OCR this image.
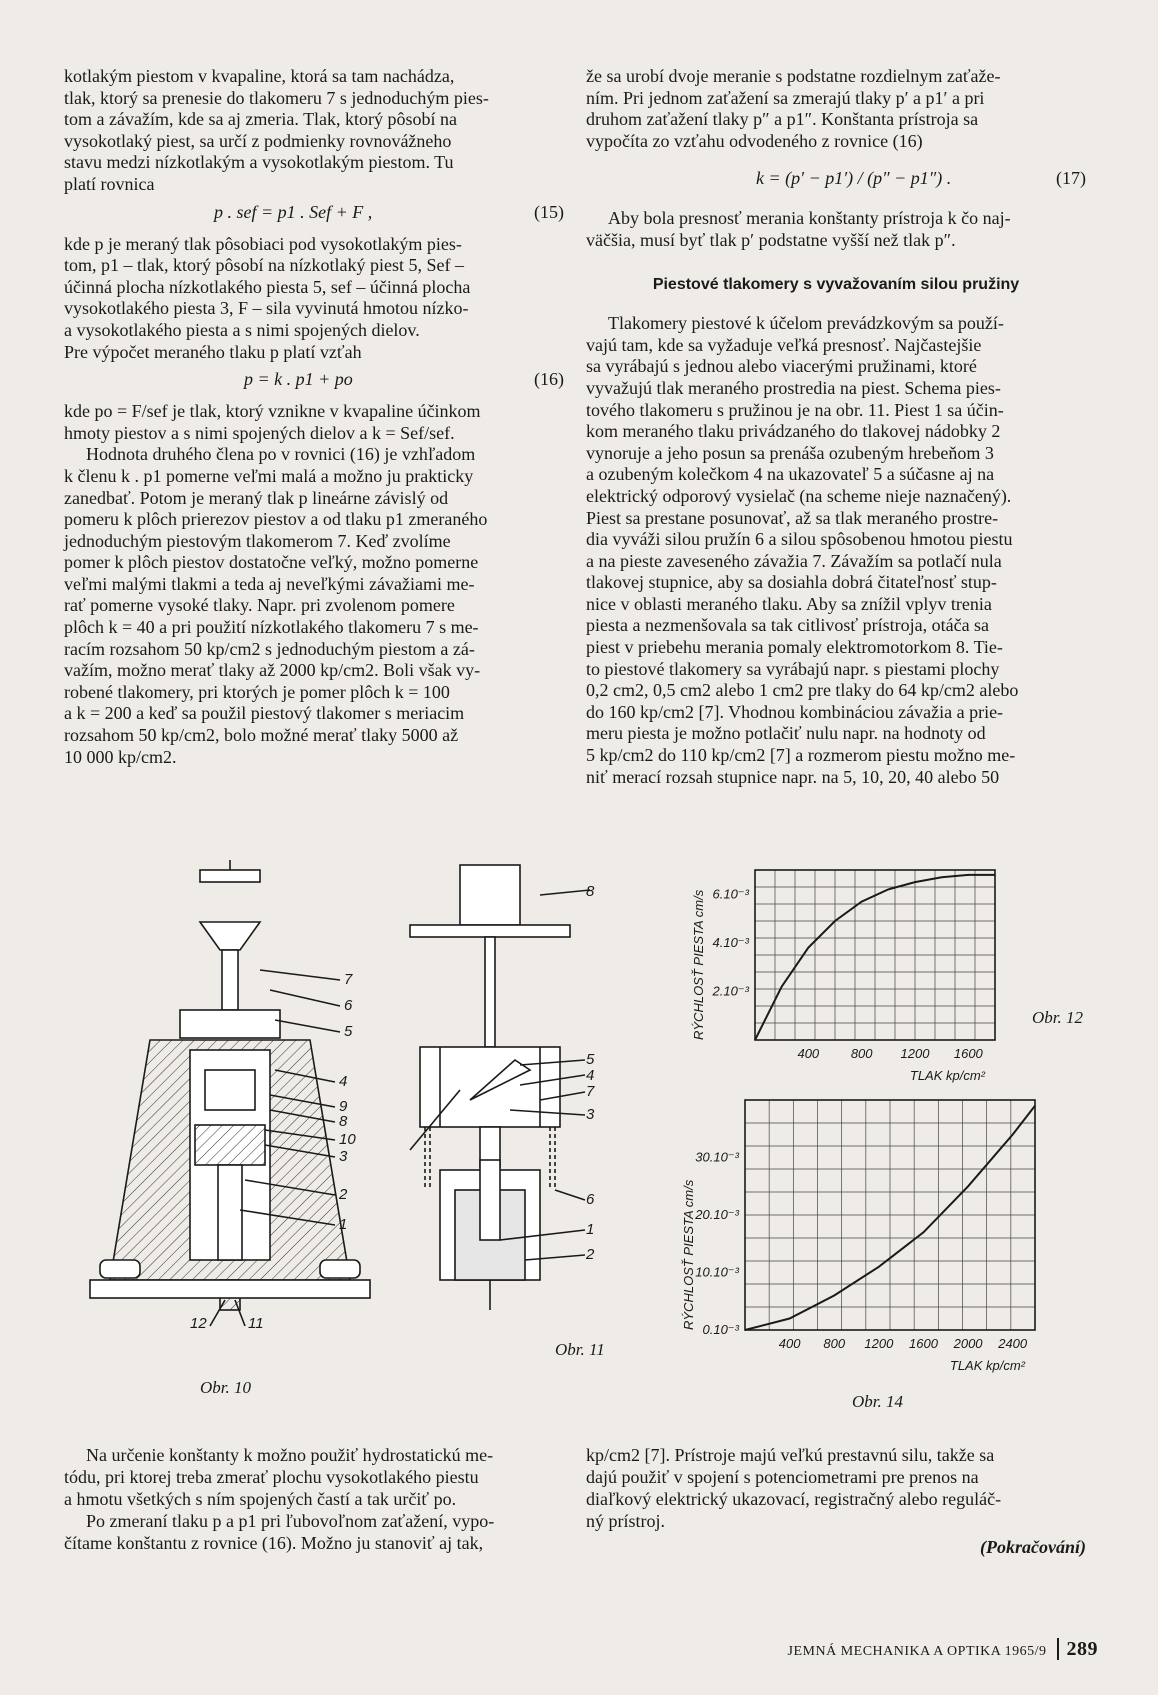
kotlakým piestom v kvapaline, ktorá sa tam nachádza,
tlak, ktorý sa prenesie do tlakomeru 7 s jednoduchým pies-
tom a závažím, kde sa aj zmeria. Tlak, ktorý pôsobí na
vysokotlaký piest, sa určí z podmienky rovnovážneho
stavu medzi nízkotlakým a vysokotlakým piestom. Tu
platí rovnica

p . sef = p1 . Sef + F ,	(15)

kde p je meraný tlak pôsobiaci pod vysokotlakým pies-
tom, p1 – tlak, ktorý pôsobí na nízkotlaký piest 5, Sef –
účinná plocha nízkotlakého piesta 5, sef – účinná plocha
vysokotlakého piesta 3, F – sila vyvinutá hmotou nízko-
a vysokotlakého piesta a s nimi spojených dielov.
Pre výpočet meraného tlaku p platí vzťah

p = k . p1 + po	(16)

kde po = F/sef je tlak, ktorý vznikne v kvapaline účinkom
hmoty piestov a s nimi spojených dielov a k = Sef/sef.
Hodnota druhého člena po v rovnici (16) je vzhľadom
k členu k . p1 pomerne veľmi malá a možno ju prakticky
zanedbať. Potom je meraný tlak p lineárne závislý od
pomeru k plôch prierezov piestov a od tlaku p1 zmeraného
jednoduchým piestovým tlakomerom 7. Keď zvolíme
pomer k plôch piestov dostatočne veľký, možno pomerne
veľmi malými tlakmi a teda aj neveľkými závažiami me-
rať pomerne vysoké tlaky. Napr. pri zvolenom pomere
plôch k = 40 a pri použití nízkotlakého tlakomeru 7 s me-
racím rozsahom 50 kp/cm2 s jednoduchým piestom a zá-
važím, možno merať tlaky až 2000 kp/cm2. Boli však vy-
robené tlakomery, pri ktorých je pomer plôch k = 100
a k = 200 a keď sa použil piestový tlakomer s meriacim
rozsahom 50 kp/cm2, bolo možné merať tlaky 5000 až
10 000 kp/cm2.

že sa urobí dvoje meranie s podstatne rozdielnym zaťaže-
ním. Pri jednom zaťažení sa zmerajú tlaky p′ a p1′ a pri
druhom zaťažení tlaky p″ a p1″. Konštanta prístroja sa
vypočíta zo vzťahu odvodeného z rovnice (16)

k = (p′ − p1′) / (p″ − p1″) .	(17)

Aby bola presnosť merania konštanty prístroja k čo naj-
väčšia, musí byť tlak p′ podstatne vyšší než tlak p″.

Piestové tlakomery s vyvažovaním silou pružiny

Tlakomery piestové k účelom prevádzkovým sa použí-
vajú tam, kde sa vyžaduje veľká presnosť. Najčastejšie
sa vyrábajú s jednou alebo viacerými pružinami, ktoré
vyvažujú tlak meraného prostredia na piest. Schema pies-
tového tlakomeru s pružinou je na obr. 11. Piest 1 sa účin-
kom meraného tlaku privádzaného do tlakovej nádobky 2
vynoruje a jeho posun sa prenáša ozubeným hrebeňom 3
a ozubeným kolečkom 4 na ukazovateľ 5 a súčasne aj na
elektrický odporový vysielač (na scheme nieje naznačený).
Piest sa prestane posunovať, až sa tlak meraného prostre-
dia vyváži silou pružín 6 a silou spôsobenou hmotou piestu
a na pieste zaveseného závažia 7. Závažím sa potlačí nula
tlakovej stupnice, aby sa dosiahla dobrá čitateľnosť stup-
nice v oblasti meraného tlaku. Aby sa znížil vplyv trenia
piesta a nezmenšovala sa tak citlivosť prístroja, otáča sa
piest v priebehu merania pomaly elektromotorkom 8. Tie-
to piestové tlakomery sa vyrábajú napr. s piestami plochy
0,2 cm2, 0,5 cm2 alebo 1 cm2 pre tlaky do 64 kp/cm2 alebo
do 160 kp/cm2 [7]. Vhodnou kombináciou závažia a prie-
meru piesta je možno potlačiť nulu napr. na hodnoty od
5 kp/cm2 do 110 kp/cm2 [7] a rozmerom piestu možno me-
niť merací rozsah stupnice napr. na 5, 10, 20, 40 alebo 50

7
6
5
4
9
8
10
3
2
1
12	11
Obr. 10
8
5
4
7
3
6
1
2
Obr. 11
400 800 1200 1600
2.10⁻³
4.10⁻³
6.10⁻³
TLAK kp/cm²
RÝCHLOSŤ PIESTA cm/s	Obr. 12
400 800 1200 1600 2000 2400
10.10⁻³
20.10⁻³
30.10⁻³
0.10⁻³
TLAK kp/cm²
RÝCHLOSŤ PIESTA cm/s
Obr. 14
Na určenie konštanty k možno použiť hydrostatickú me-
tódu, pri ktorej treba zmerať plochu vysokotlakého piestu
a hmotu všetkých s ním spojených častí a tak určiť po.
Po zmeraní tlaku p a p1 pri ľubovoľnom zaťažení, vypo-
čítame konštantu z rovnice (16). Možno ju stanoviť aj tak,
kp/cm2 [7]. Prístroje majú veľkú prestavnú silu, takže sa
dajú použiť v spojení s potenciometrami pre prenos na
diaľkový elektrický ukazovací, registračný alebo reguláč-
ný prístroj.
(Pokračování)
JEMNÁ MECHANIKA A OPTIKA 1965/9 289
